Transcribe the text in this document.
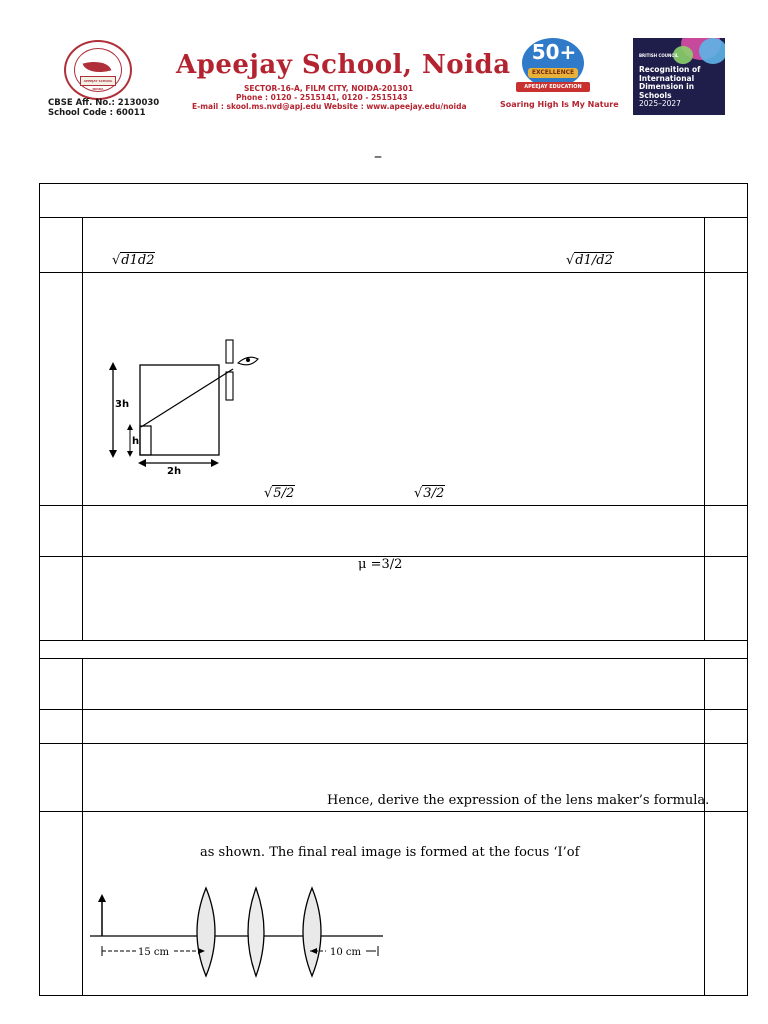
APEEJAY SCHOOL NOIDA
CBSE Aff. No.: 2130030
School Code : 60011
Apeejay School, Noida
SECTOR-16-A, FILM CITY, NOIDA-201301
Phone : 0120 - 2515141, 0120 - 2515143
E-mail : skool.ms.nvd@apj.edu Website : www.apeejay.edu/noida
50+
EXCELLENCE
APEEJAY EDUCATION
Soaring High Is My Nature
BRITISH COUNCIL
Recognition of International Dimension in Schools
2025–2027
–
√d1d2	√d1/d2
3h
h
2h
√5/2	√3/2
μ =3/2
Hence, derive the expression of the lens maker’s formula.
as shown. The final real image is formed at the focus ‘I’of
15 cm	10 cm
